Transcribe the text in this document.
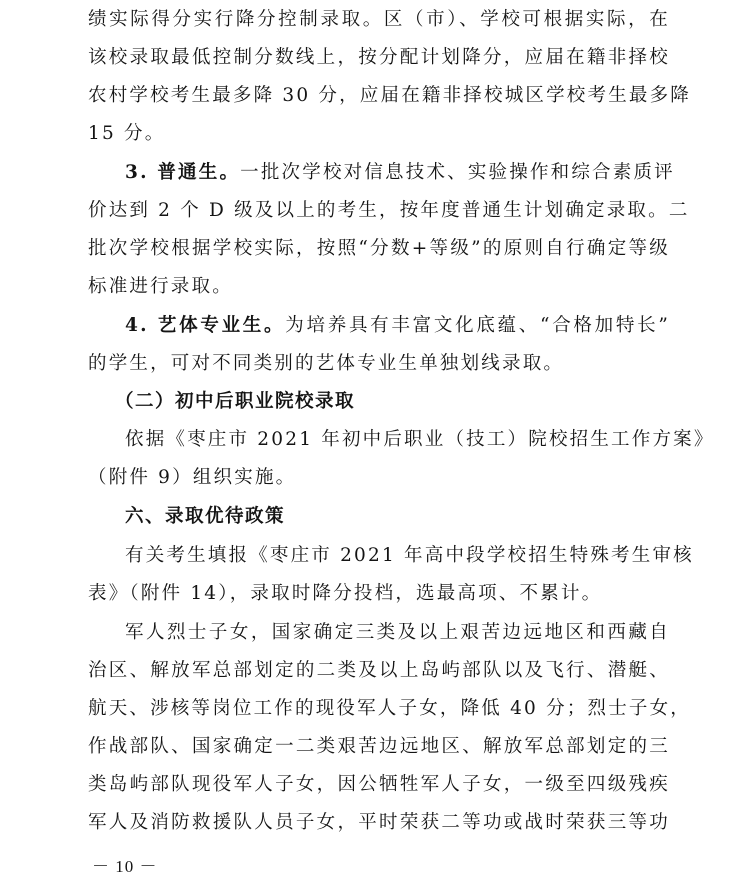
绩实际得分实行降分控制录取。区（市）、学校可根据实际，在
该校录取最低控制分数线上，按分配计划降分，应届在籍非择校
农村学校考生最多降 30 分，应届在籍非择校城区学校考生最多降
15 分。
3. 普通生。一批次学校对信息技术、实验操作和综合素质评
价达到 2 个 D 级及以上的考生，按年度普通生计划确定录取。二
批次学校根据学校实际，按照“分数+等级”的原则自行确定等级
标准进行录取。
4. 艺体专业生。为培养具有丰富文化底蕴、“合格加特长”
的学生，可对不同类别的艺体专业生单独划线录取。
（二）初中后职业院校录取
依据《枣庄市 2021 年初中后职业（技工）院校招生工作方案》
（附件 9）组织实施。
六、录取优待政策
有关考生填报《枣庄市 2021 年高中段学校招生特殊考生审核
表》（附件 14），录取时降分投档，选最高项、不累计。
军人烈士子女，国家确定三类及以上艰苦边远地区和西藏自
治区、解放军总部划定的二类及以上岛屿部队以及飞行、潜艇、
航天、涉核等岗位工作的现役军人子女，降低 40 分；烈士子女，
作战部队、国家确定一二类艰苦边远地区、解放军总部划定的三
类岛屿部队现役军人子女，因公牺牲军人子女，一级至四级残疾
军人及消防救援队人员子女，平时荣获二等功或战时荣获三等功
－ 10 －
